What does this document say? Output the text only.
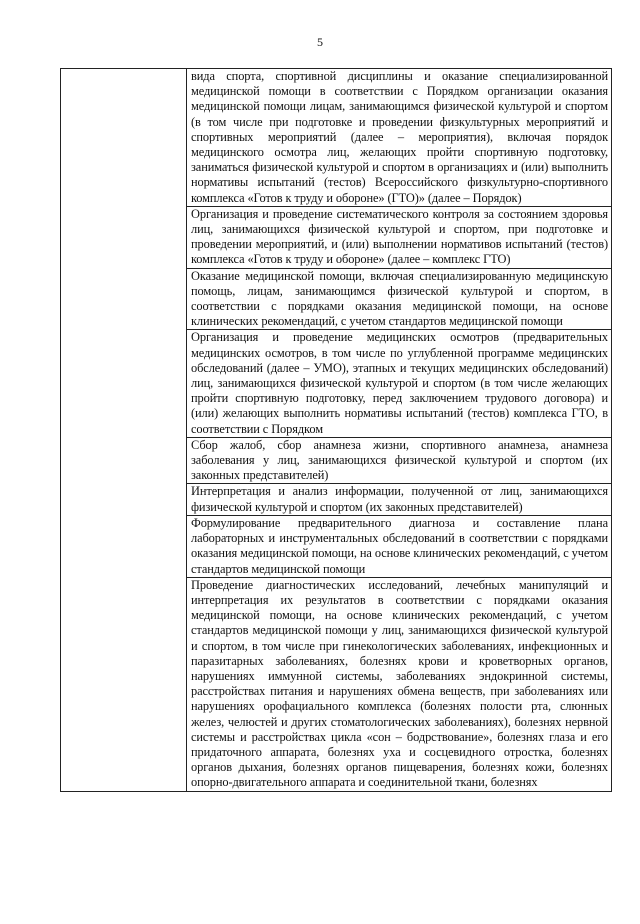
5

вида спорта, спортивной дисциплины и оказание специализированной медицинской помощи в соответствии с Порядком организации оказания медицинской помощи лицам, занимающимся физической культурой и спортом (в том числе при подготовке и проведении физкультурных мероприятий и спортивных мероприятий (далее – мероприятия), включая порядок медицинского осмотра лиц, желающих пройти спортивную подготовку, заниматься физической культурой и спортом в организациях и (или) выполнить нормативы испытаний (тестов) Всероссийского физкультурно-спортивного комплекса «Готов к труду и обороне» (ГТО)» (далее – Порядок)

Организация и проведение систематического контроля за состоянием здоровья лиц, занимающихся физической культурой и спортом, при подготовке и проведении мероприятий, и (или) выполнении нормативов испытаний (тестов) комплекса «Готов к труду и обороне» (далее – комплекс ГТО)

Оказание медицинской помощи, включая специализированную медицинскую помощь, лицам, занимающимся физической культурой и спортом, в соответствии с порядками оказания медицинской помощи, на основе клинических рекомендаций, с учетом стандартов медицинской помощи

Организация и проведение медицинских осмотров (предварительных медицинских осмотров, в том числе по углубленной программе медицинских обследований (далее – УМО), этапных и текущих медицинских обследований) лиц, занимающихся физической культурой и спортом (в том числе желающих пройти спортивную подготовку, перед заключением трудового договора) и (или) желающих выполнить нормативы испытаний (тестов) комплекса ГТО, в соответствии с Порядком

Сбор жалоб, сбор анамнеза жизни, спортивного анамнеза, анамнеза заболевания у лиц, занимающихся физической культурой и спортом (их законных представителей)

Интерпретация и анализ информации, полученной от лиц, занимающихся физической культурой и спортом (их законных представителей)

Формулирование предварительного диагноза и составление плана лабораторных и инструментальных обследований в соответствии с порядками оказания медицинской помощи, на основе клинических рекомендаций, с учетом стандартов медицинской помощи

Проведение диагностических исследований, лечебных манипуляций и интерпретация их результатов в соответствии с порядками оказания медицинской помощи, на основе клинических рекомендаций, с учетом стандартов медицинской помощи у лиц, занимающихся физической культурой и спортом, в том числе при гинекологических заболеваниях, инфекционных и паразитарных заболеваниях, болезнях крови и кроветворных органов, нарушениях иммунной системы, заболеваниях эндокринной системы, расстройствах питания и нарушениях обмена веществ, при заболеваниях или нарушениях орофациального комплекса (болезнях полости рта, слюнных желез, челюстей и других стоматологических заболеваниях), болезнях нервной системы и расстройствах цикла «сон – бодрствование», болезнях глаза и его придаточного аппарата, болезнях уха и сосцевидного отростка, болезнях органов дыхания, болезнях органов пищеварения, болезнях кожи, болезнях опорно-двигательного аппарата и соединительной ткани, болезнях
